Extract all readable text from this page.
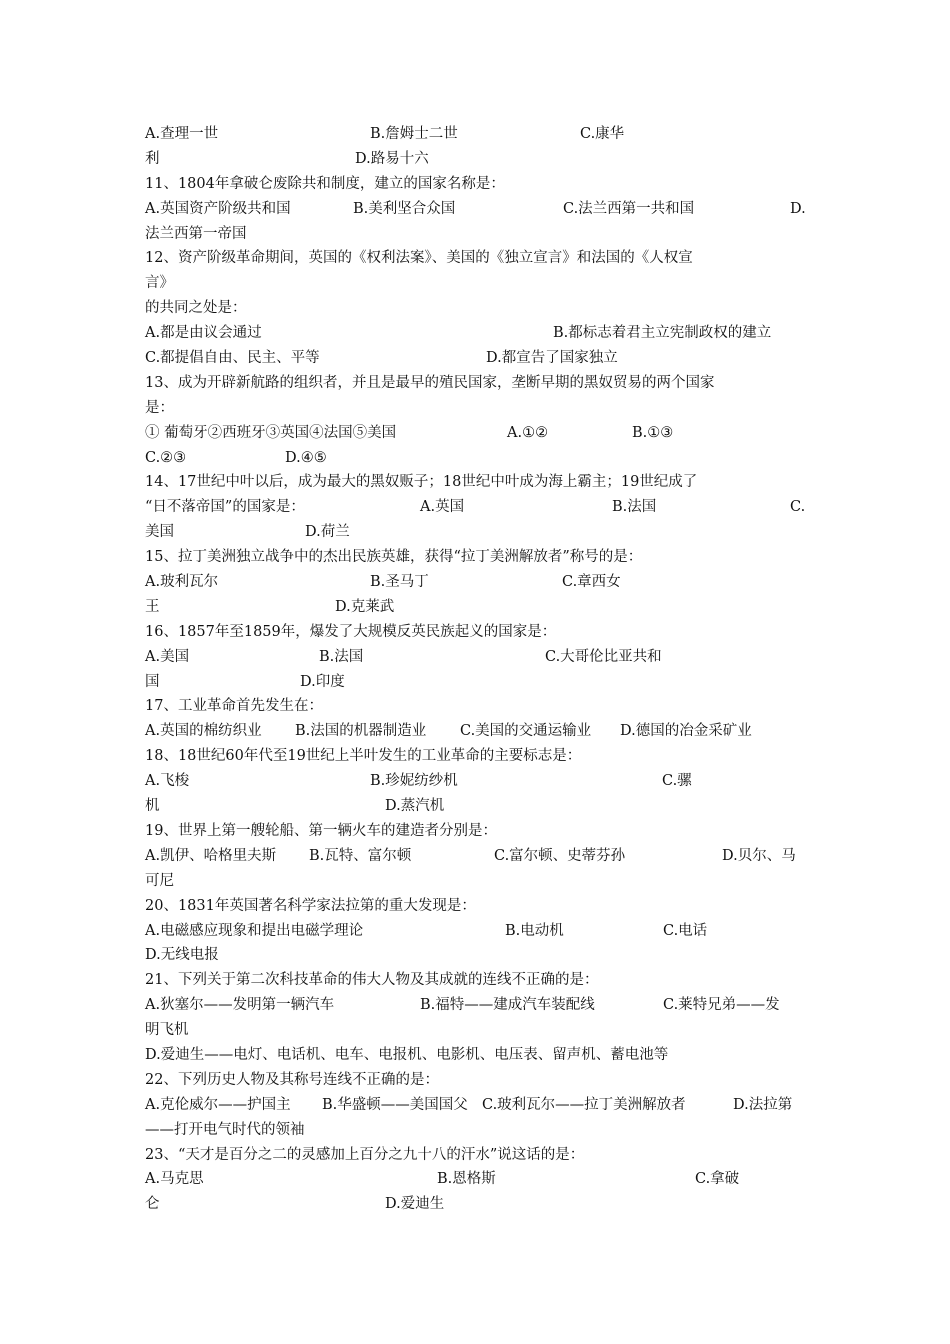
A.查理一世	B.詹姆士二世	C.康华
利	D.路易十六
11、1804年拿破仑废除共和制度，建立的国家名称是：
A.英国资产阶级共和国	B.美利坚合众国	C.法兰西第一共和国	D.
法兰西第一帝国
12、资产阶级革命期间，英国的《权利法案》、美国的《独立宣言》和法国的《人权宣
言》
的共同之处是：
A.都是由议会通过	B.都标志着君主立宪制政权的建立
C.都提倡自由、民主、平等	D.都宣告了国家独立
13、成为开辟新航路的组织者，并且是最早的殖民国家，垄断早期的黑奴贸易的两个国家
是：
① 葡萄牙②西班牙③英国④法国⑤美国	A.①②	B.①③
C.②③	D.④⑤
14、17世纪中叶以后，成为最大的黑奴贩子；18世纪中叶成为海上霸主；19世纪成了
“日不落帝国”的国家是：	A.英国	B.法国	C.
美国	D.荷兰
15、拉丁美洲独立战争中的杰出民族英雄，获得“拉丁美洲解放者”称号的是：
A.玻利瓦尔	B.圣马丁	C.章西女
王	D.克莱武
16、1857年至1859年，爆发了大规模反英民族起义的国家是：
A.美国	B.法国	C.大哥伦比亚共和
国	D.印度
17、工业革命首先发生在：
A.英国的棉纺织业 B.法国的机器制造业 C.美国的交通运输业 D.德国的冶金采矿业
18、18世纪60年代至19世纪上半叶发生的工业革命的主要标志是：
A.飞梭	B.珍妮纺纱机	C.骡
机	D.蒸汽机
19、世界上第一艘轮船、第一辆火车的建造者分别是：
A.凯伊、哈格里夫斯 B.瓦特、富尔顿	C.富尔顿、史蒂芬孙	D.贝尔、马
可尼
20、1831年英国著名科学家法拉第的重大发现是：
A.电磁感应现象和提出电磁学理论	B.电动机	C.电话
D.无线电报
21、下列关于第二次科技革命的伟大人物及其成就的连线不正确的是：
A.狄塞尔——发明第一辆汽车	B.福特——建成汽车装配线	C.莱特兄弟——发
明飞机
D.爱迪生——电灯、电话机、电车、电报机、电影机、电压表、留声机、蓄电池等
22、下列历史人物及其称号连线不正确的是：
A.克伦威尔——护国主 B.华盛顿——美国国父 C.玻利瓦尔——拉丁美洲解放者	D.法拉第
——打开电气时代的领袖
23、“天才是百分之二的灵感加上百分之九十八的汗水”说这话的是：
A.马克思	B.恩格斯	C.拿破
仑	D.爱迪生
